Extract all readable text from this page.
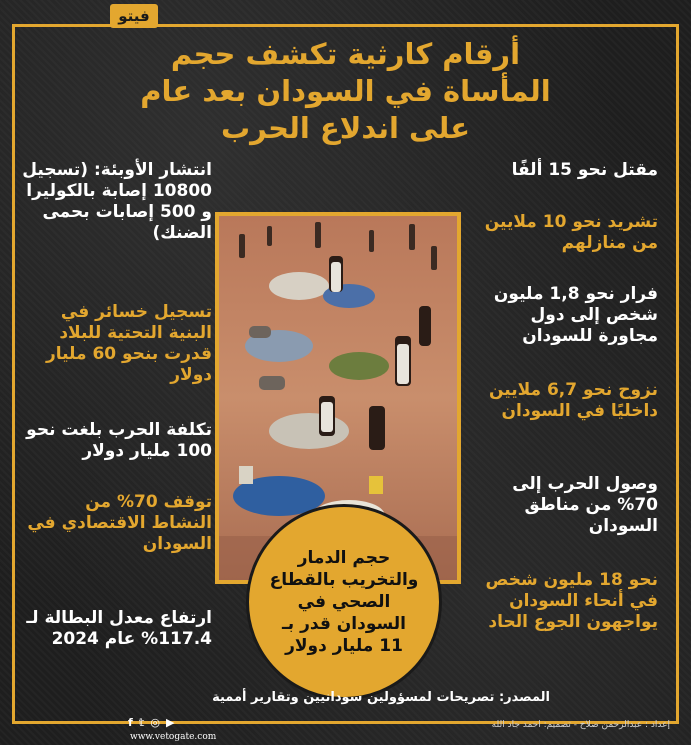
فيتو
أرقام كارثية تكشف حجم
المأساة في السودان بعد عام
على اندلاع الحرب
مقتل نحو 15 ألفًا
تشريد نحو 10 ملايين من منازلهم
فرار نحو 1,8 مليون شخص إلى دول مجاورة للسودان
نزوح نحو 6,7 ملايين داخليًا في السودان
وصول الحرب إلى 70% من مناطق السودان
نحو 18 مليون شخص في أنحاء السودان يواجهون الجوع الحاد
انتشار الأوبئة: (تسجيل 10800 إصابة بالكوليرا و 500 إصابات بحمى الضنك)
تسجيل خسائر في البنية التحتية للبلاد قدرت بنحو 60 مليار دولار
تكلفة الحرب بلغت نحو 100 مليار دولار
توقف 70% من النشاط الاقتصادي في السودان
ارتفاع معدل البطالة لـ 117.4% عام 2024
حجم الدمار والتخريب بالقطاع الصحي في السودان قدر بـ 11 مليار دولار
المصدر: تصريحات لمسؤولين سودانيين وتقارير أممية
إعداد : عبدالرحمن صلاح - تصميم: احمد جاد الله
f 𝕥 ◎ ▶
www.vetogate.com
